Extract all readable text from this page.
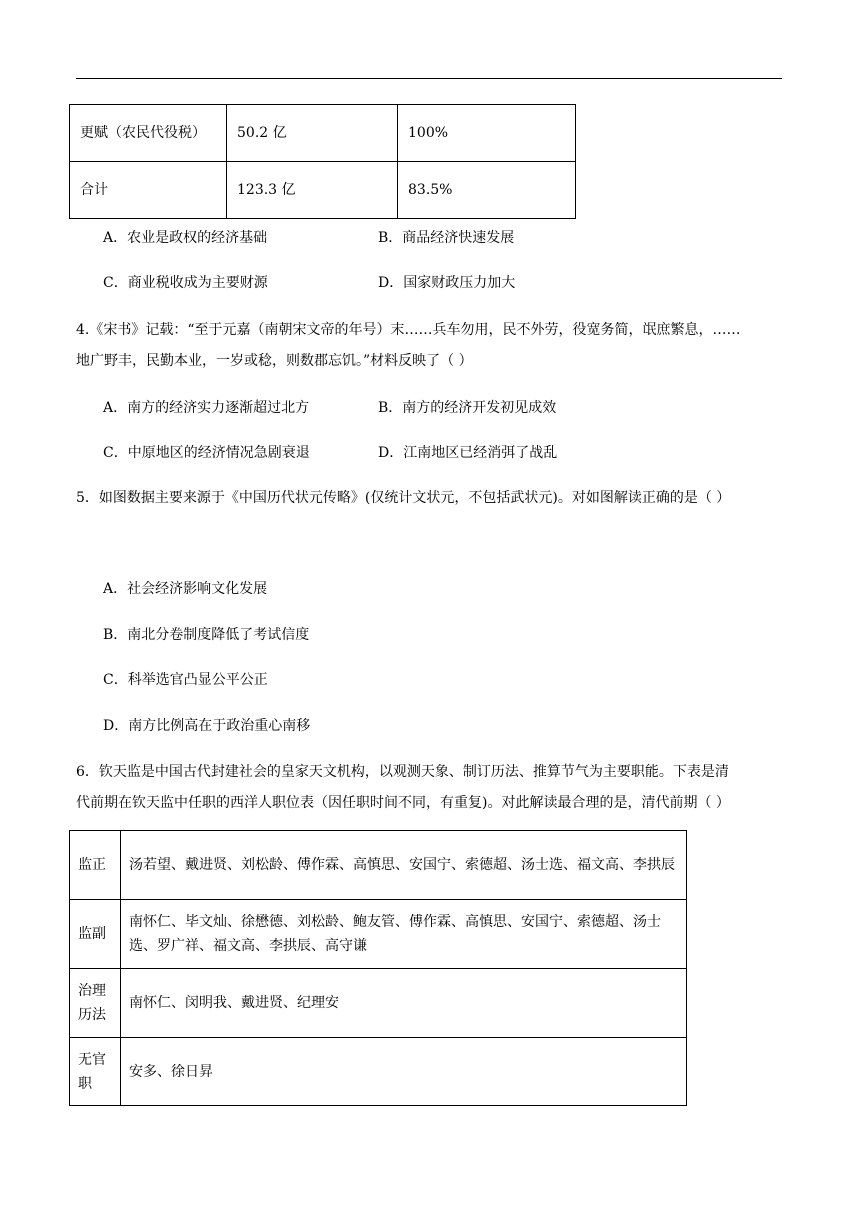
更赋（农民代役税）	50.2 亿	100%
合计	123.3 亿	83.5%
A．农业是政权的经济基础	B．商品经济快速发展
C．商业税收成为主要财源	D．国家财政压力加大
4.《宋书》记载：“至于元嘉（南朝宋文帝的年号）末……兵车勿用，民不外劳，役宽务简，氓庶繁息，……
地广野丰，民勤本业，一岁或稔，则数郡忘饥。”材料反映了（ ）
A．南方的经济实力逐渐超过北方	B．南方的经济开发初见成效
C．中原地区的经济情况急剧衰退	D．江南地区已经消弭了战乱
5．如图数据主要来源于《中国历代状元传略》(仅统计文状元，不包括武状元)。对如图解读正确的是（ ）
A．社会经济影响文化发展
B．南北分卷制度降低了考试信度
C．科举选官凸显公平公正
D．南方比例高在于政治重心南移
6．钦天监是中国古代封建社会的皇家天文机构，以观测天象、制订历法、推算节气为主要职能。下表是清
代前期在钦天监中任职的西洋人职位表（因任职时间不同，有重复)。对此解读最合理的是，清代前期（ ）
监正	汤若望、戴进贤、刘松龄、傅作霖、高慎思、安国宁、索德超、汤士选、福文高、李拱辰
监副	南怀仁、毕文灿、徐懋德、刘松龄、鲍友管、傅作霖、高慎思、安国宁、索德超、汤士选、罗广祥、福文高、李拱辰、高守谦
治理历法	南怀仁、闵明我、戴进贤、纪理安
无官职	安多、徐日昇
